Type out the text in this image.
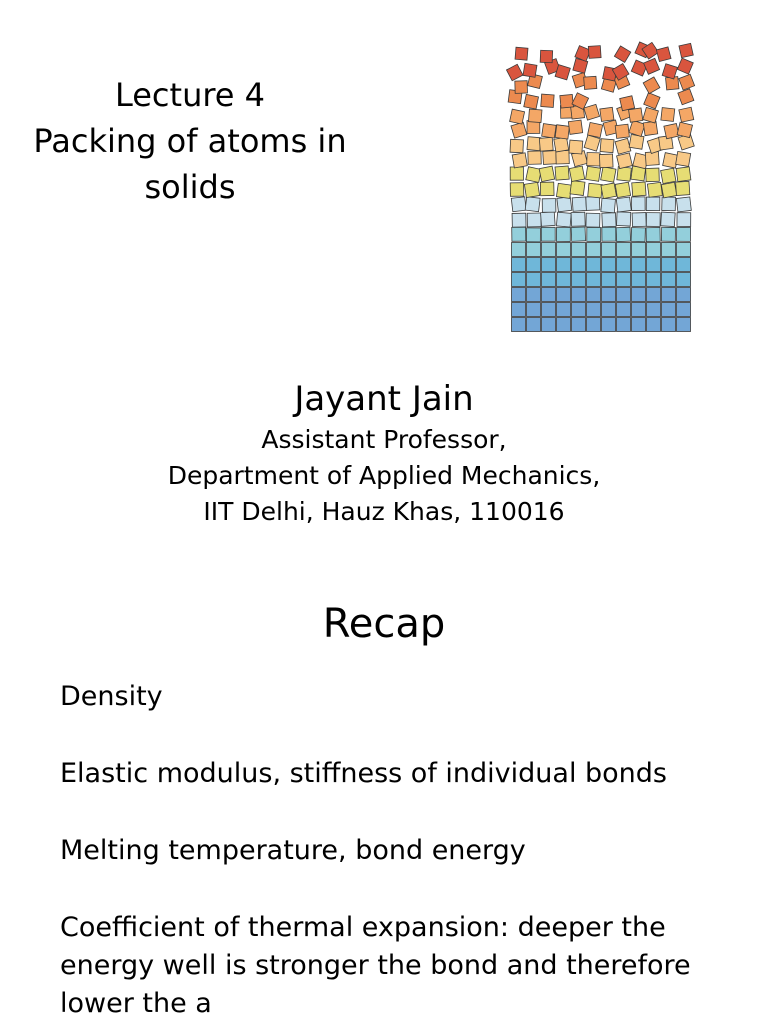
Lecture 4
Packing of atoms in
solids
Jayant Jain
Assistant Professor,
Department of Applied Mechanics,
IIT Delhi, Hauz Khas, 110016
Recap
Density
Elastic modulus, stiffness of individual bonds
Melting temperature, bond energy
Coefficient of thermal expansion: deeper the
energy well is stronger the bond and therefore
lower the a
